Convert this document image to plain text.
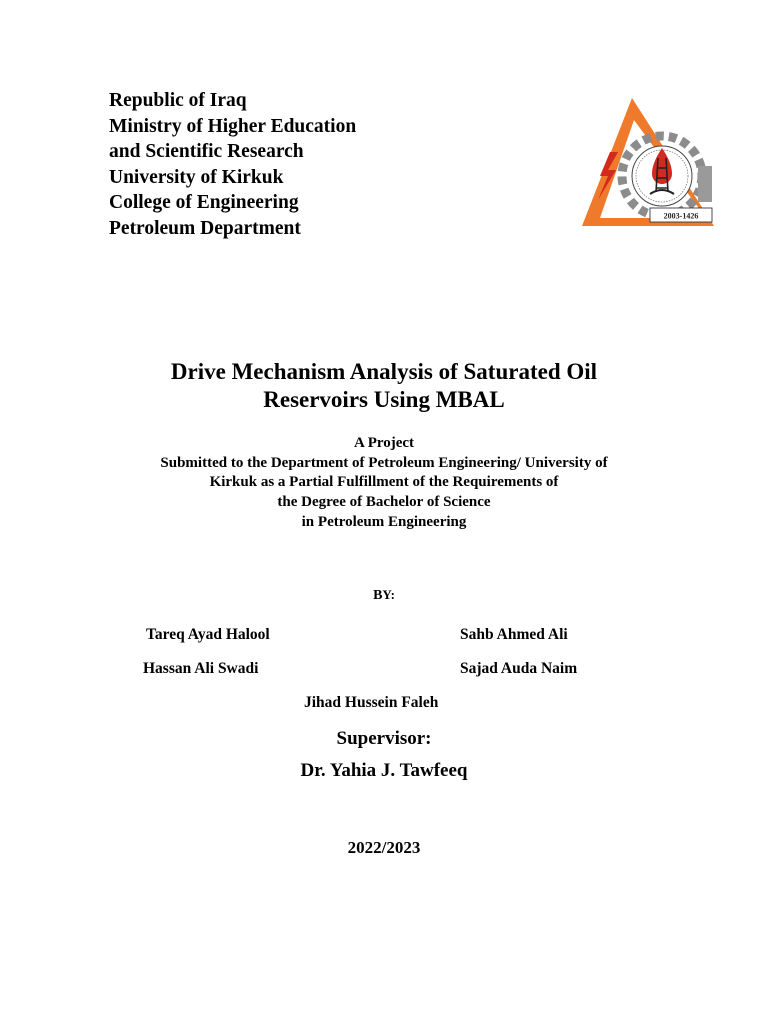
Republic of Iraq
Ministry of Higher Education
and Scientific Research
University of Kirkuk
College of Engineering
Petroleum Department
2003-1426
Drive Mechanism Analysis of Saturated Oil
Reservoirs Using MBAL
A Project
Submitted to the Department of Petroleum Engineering/ University of
Kirkuk as a Partial Fulfillment of the Requirements of
the Degree of Bachelor of Science
in Petroleum Engineering
BY:
Tareq Ayad Halool	Sahb Ahmed Ali
Hassan Ali Swadi	Sajad Auda Naim
Jihad Hussein Faleh
Supervisor:
Dr. Yahia J. Tawfeeq
2022/2023
